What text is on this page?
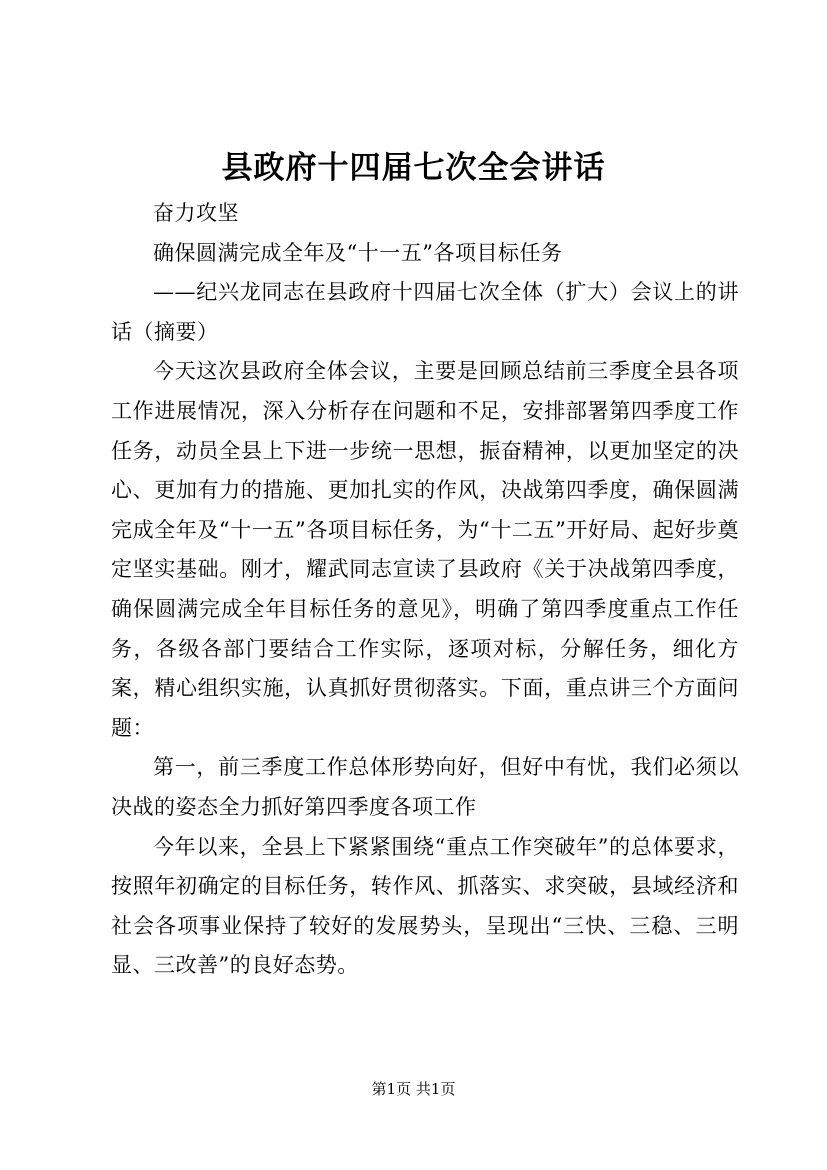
县政府十四届七次全会讲话

奋力攻坚

确保圆满完成全年及“十一五”各项目标任务

——纪兴龙同志在县政府十四届七次全体（扩大）会议上的讲话（摘要）

今天这次县政府全体会议，主要是回顾总结前三季度全县各项工作进展情况，深入分析存在问题和不足，安排部署第四季度工作任务，动员全县上下进一步统一思想，振奋精神，以更加坚定的决心、更加有力的措施、更加扎实的作风，决战第四季度，确保圆满完成全年及“十一五”各项目标任务，为“十二五”开好局、起好步奠定坚实基础。刚才，耀武同志宣读了县政府《关于决战第四季度，确保圆满完成全年目标任务的意见》，明确了第四季度重点工作任务，各级各部门要结合工作实际，逐项对标，分解任务，细化方案，精心组织实施，认真抓好贯彻落实。下面，重点讲三个方面问题：

第一，前三季度工作总体形势向好，但好中有忧，我们必须以决战的姿态全力抓好第四季度各项工作

今年以来，全县上下紧紧围绕“重点工作突破年”的总体要求，按照年初确定的目标任务，转作风、抓落实、求突破，县域经济和社会各项事业保持了较好的发展势头，呈现出“三快、三稳、三明显、三改善”的良好态势。

第1页 共1页
